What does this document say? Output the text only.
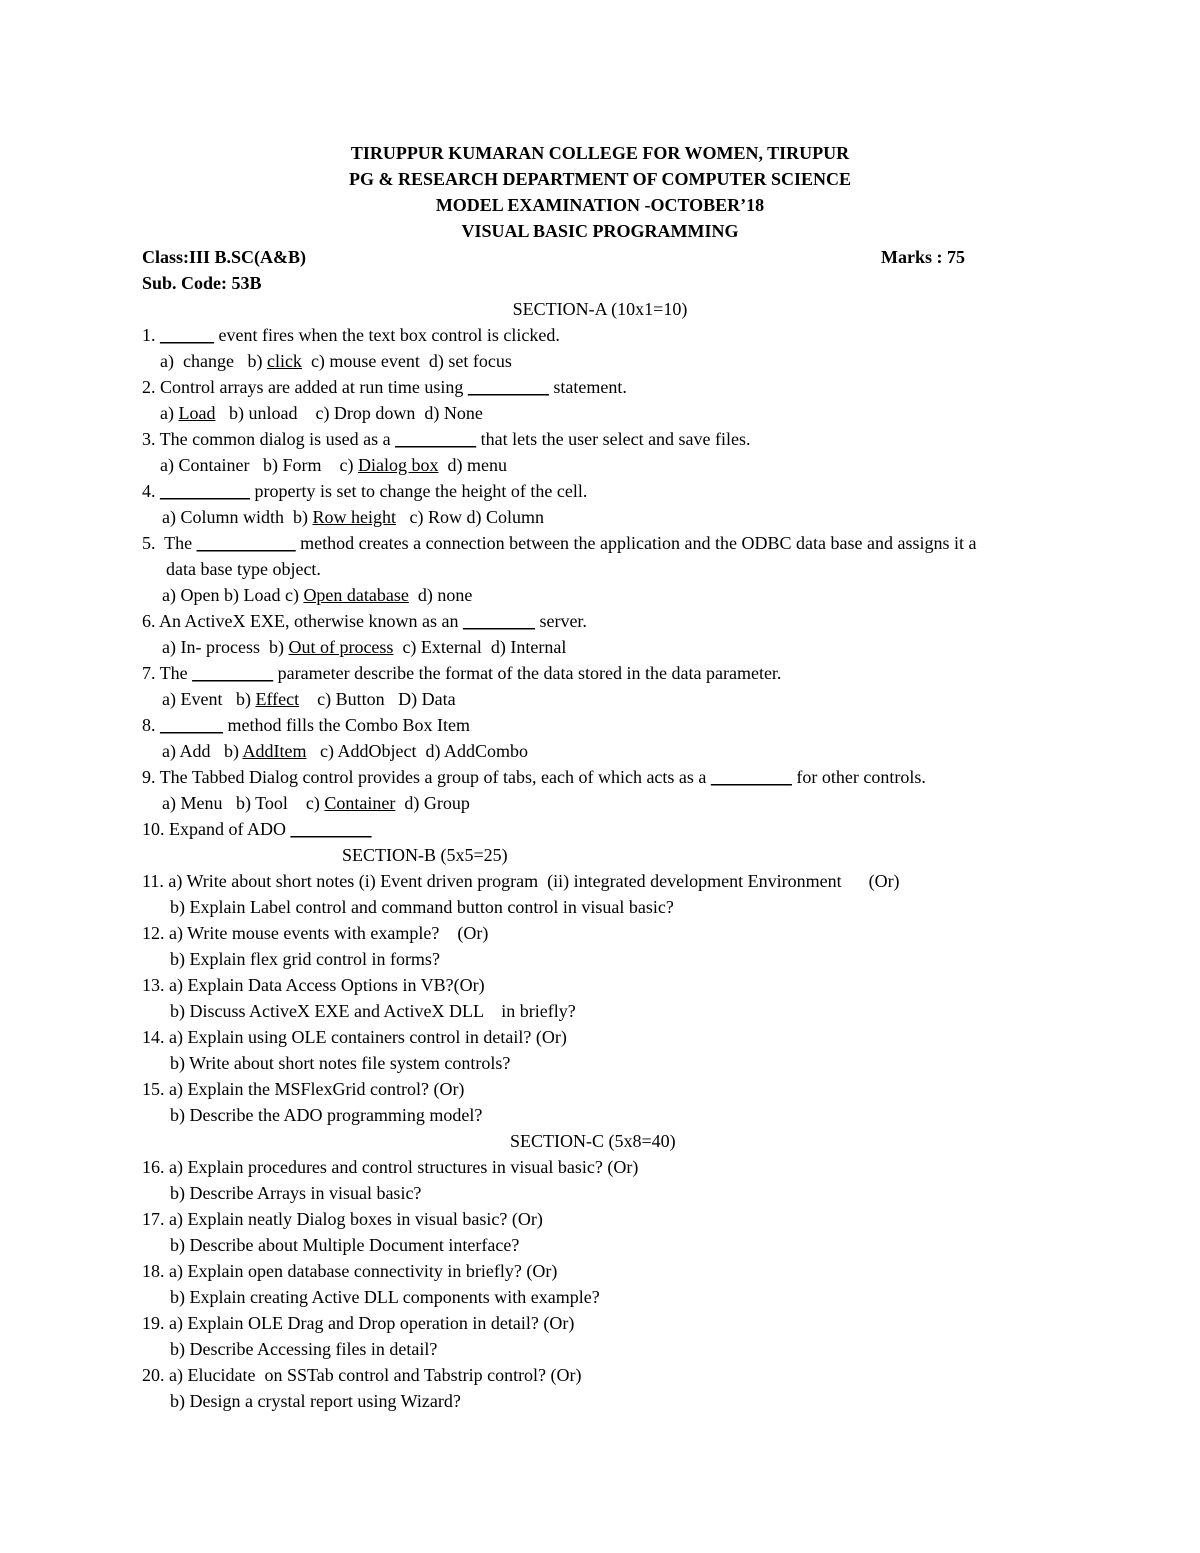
TIRUPPUR KUMARAN COLLEGE FOR WOMEN, TIRUPUR
PG & RESEARCH DEPARTMENT OF COMPUTER SCIENCE
MODEL EXAMINATION -OCTOBER’18
VISUAL BASIC PROGRAMMING
Class:III B.SC(A&B)	Marks : 75
Sub. Code: 53B
SECTION-A (10x1=10)
SECTION-B (5x5=25)
SECTION-C (5x8=40)
1. ______ event fires when the text box control is clicked.
a)  change   b) click  c) mouse event  d) set focus
2. Control arrays are added at run time using _________ statement.
a) Load   b) unload    c) Drop down  d) None
3. The common dialog is used as a _________ that lets the user select and save files.
a) Container   b) Form    c) Dialog box  d) menu
4. __________ property is set to change the height of the cell.
a) Column width  b) Row height   c) Row d) Column
5.  The ___________ method creates a connection between the application and the ODBC data base and assigns it a
data base type object.
a) Open b) Load c) Open database  d) none
6. An ActiveX EXE, otherwise known as an ________ server.
a) In- process  b) Out of process  c) External  d) Internal
7. The _________ parameter describe the format of the data stored in the data parameter.
a) Event   b) Effect    c) Button   D) Data
8. _______ method fills the Combo Box Item
a) Add   b) AddItem   c) AddObject  d) AddCombo
9. The Tabbed Dialog control provides a group of tabs, each of which acts as a _________ for other controls.
a) Menu   b) Tool    c) Container  d) Group
10. Expand of ADO _________
11. a) Write about short notes (i) Event driven program  (ii) integrated development Environment      (Or)
b) Explain Label control and command button control in visual basic?
12. a) Write mouse events with example?    (Or)
b) Explain flex grid control in forms?
13. a) Explain Data Access Options in VB?(Or)
b) Discuss ActiveX EXE and ActiveX DLL    in briefly?
14. a) Explain using OLE containers control in detail? (Or)
b) Write about short notes file system controls?
15. a) Explain the MSFlexGrid control? (Or)
b) Describe the ADO programming model?
16. a) Explain procedures and control structures in visual basic? (Or)
b) Describe Arrays in visual basic?
17. a) Explain neatly Dialog boxes in visual basic? (Or)
b) Describe about Multiple Document interface?
18. a) Explain open database connectivity in briefly? (Or)
b) Explain creating Active DLL components with example?
19. a) Explain OLE Drag and Drop operation in detail? (Or)
b) Describe Accessing files in detail?
20. a) Elucidate  on SSTab control and Tabstrip control? (Or)
b) Design a crystal report using Wizard?
